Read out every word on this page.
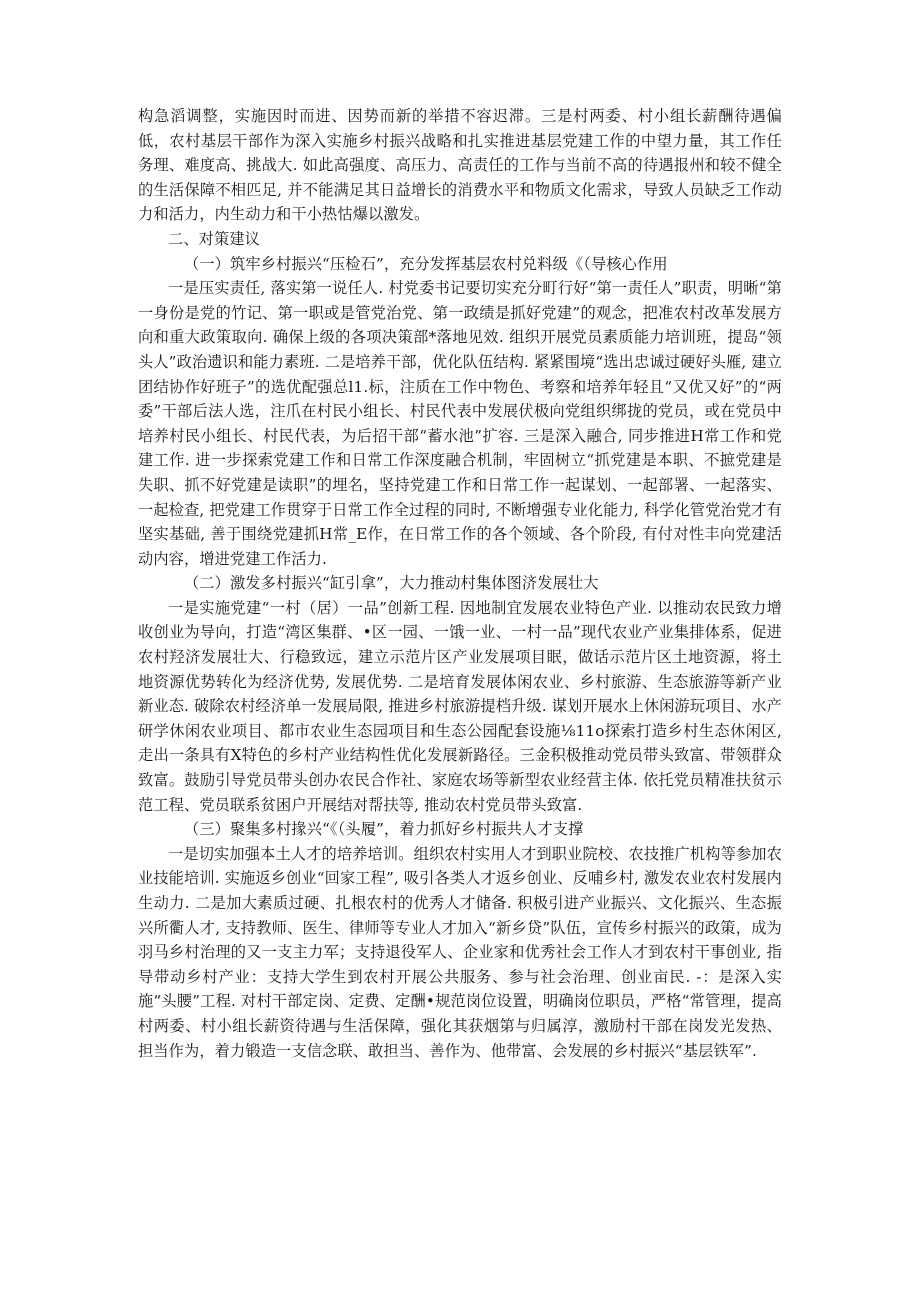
构急滔调整，实施因时而进、因势而新的举措不容迟滞。三是村两委、村小组长薪酬待遇偏低，农村基层干部作为深入实施乡村振兴战略和扎实推进基层党建工作的中望力量，其工作任务理、难度高、挑战大. 如此高强度、高压力、高责任的工作与当前不高的待遇报州和较不健全的生活保障不相匹足, 并不能满足其日益增长的消费水平和物质文化需求，导致人员缺乏工作动力和活力，内生动力和干小热怙爆以激发。

二、对策建议

（一）筑牢乡村振兴“压检石”，充分发挥基层农村兑料级《（导核心作用

一是压实责任, 落实第一说任人. 村党委书记要切实充分町行好“第一责任人”职责，明晰“第一身份是党的竹记、第一职或是管党治党、第一政绩是抓好党建”的观念，把准农村改革发展方向和重大政策取向. 确保上级的各项决策部*落地见效. 组织开展党员素质能力培训班，提岛“领头人”政治遗识和能力素班. 二是培养干部，优化队伍结构. 紧紧围境“选出忠诚过硬好头雁, 建立团结协作好班子”的选优配强总l1.标，注质在工作中物色、考察和培养年轻且“又优又好”的“两委”干部后法人选，注爪在村民小组长、村民代表中发展伏极向党组织绑拢的党员，或在党员中培养村民小组长、村民代表，为后招干部“蓄水池”扩容. 三是深入融合, 同步推进H常工作和党建工作. 进一步探索党建工作和日常工作深度融合机制，牢固树立“抓党建是本职、不摭党建是失职、抓不好党建是读职”的埋名，坚持党建工作和日常工作一起谋划、一起部署、一起落实、一起检查, 把党建工作贯穿于日常工作全过程的同时, 不断增强专业化能力, 科学化管党治党才有坚实基础, 善于围绕党建抓H常_E作，在日常工作的各个领域、各个阶段, 有付对性丰向党建活动内容，增进党建工作活力.

（二）激发多村振兴“缸引拿”，大力推动村集体图济发展壮大

一是实施党建“一村（居）一品”创新工程. 因地制宜发展农业特色产业. 以推动农民致力增收创业为导向，打造“湾区集群、•区一园、一饿一业、一村一品”现代农业产业集排体系，促进农村羟济发展壮大、行稳致远，建立示范片区产业发展项目眠，做话示范片区土地资源，将土地资源优势转化为经济优势, 发展优势. 二是培育发展体闲农业、乡村旅游、生态旅游等新产业新业态. 破除农村经济单一发展局限, 推进乡村旅游提档升级. 谋划开展水上休闲游玩项目、水产研学休闲农业项目、都市农业生态园项目和生态公园配套设施⅛11o探索打造乡村生态休闲区, 走出一条具有X特色的乡村产业结构性优化发展新路径。三金积极推动党员带头致富、带领群众致富。鼓励引导党员带头创办农民合作社、家庭农场等新型农业经营主体. 依托党员精准扶贫示范工程、党员联系贫困户开展结对帮扶等, 推动农村党员带头致富.

（三）聚集多村掾兴“《（头履”，着力抓好乡村振共人才支撑

一是切实加强本土人才的培养培训。组织农村实用人才到职业院校、农技推广机构等参加农业技能培训. 实施返乡创业“回家工程”, 吸引各类人才返乡创业、反哺乡村, 激发农业农村发展内生动力. 二是加大素质过硬、扎根农村的优秀人才储备. 积极引进产业振兴、文化振兴、生态振兴所衢人才, 支持教师、医生、律师等专业人才加入“新乡贷”队伍，宣传乡村振兴的政策，成为羽马乡村治理的又一支主力军；支持退役军人、企业家和优秀社会工作人才到农村干事创业, 指导带动乡村产业：支持大学生到农村开展公共服务、参与社会治理、创业亩民. -：是深入实施“头腰”工程. 对村干部定岗、定费、定酬•规范岗位设置，明确岗位职员，严格“常管理，提高村两委、村小组长薪资待遇与生活保障，强化其获烟第与归属淳，激励村干部在岗发光发热、担当作为，着力锻造一支信念联、敢担当、善作为、他带富、会发展的乡村振兴“基层铁军”.
